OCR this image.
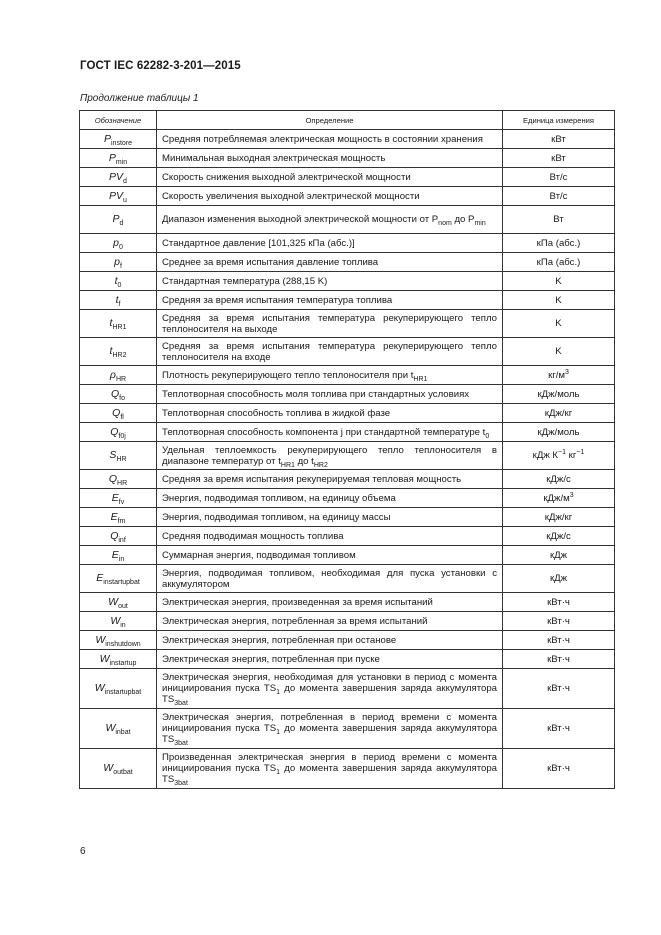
ГОСТ IEC 62282-3-201—2015
Продолжение таблицы 1
Обозначение	Определение	Единица измерения
$P_{instore}$	Средняя потребляемая электрическая мощность в состоянии хранения	кВт
$P_{min}$	Минимальная выходная электрическая мощность	кВт
$PV_d$	Скорость снижения выходной электрической мощности	Вт/с
$PV_u$	Скорость увеличения выходной электрической мощности	Вт/с
$P_d$	Диапазон изменения выходной электрической мощности от $P_{nom}$ до $P_{min}$	Вт
$p_0$	Стандартное давление [101,325 кПа (абс.)]	кПа (абс.)
$p_f$	Среднее за время испытания давление топлива	кПа (абс.)
$t_0$	Стандартная температура (288,15 K)	K
$t_f$	Средняя за время испытания температура топлива	K
$t_{HR1}$	Средняя за время испытания температура рекуперирующего тепло теплоносителя на выходе	K
$t_{HR2}$	Средняя за время испытания температура рекуперирующего тепло теплоносителя на входе	K
$\rho_{HR}$	Плотность рекуперирующего тепло теплоносителя при $t_{HR1}$	$кг/м^3$
$Q_{fo}$	Теплотворная способность моля топлива при стандартных условиях	кДж/моль
$Q_{fl}$	Теплотворная способность топлива в жидкой фазе	кДж/кг
$Q_{f0j}$	Теплотворная способность компонента j при стандартной температуре $t_0$	кДж/моль
$S_{HR}$	Удельная теплоемкость рекуперирующего тепло теплоносителя в диапазоне температур от $t_{HR1}$ до $t_{HR2}$	кДж $К^{-1}$ $кг^{-1}$
$Q_{HR}$	Средняя за время испытания рекуперируемая тепловая мощность	кДж/с
$E_{fv}$	Энергия, подводимая топливом, на единицу объема	кДж/$м^3$
$E_{fm}$	Энергия, подводимая топливом, на единицу массы	кДж/кг
$Q_{inf}$	Средняя подводимая мощность топлива	кДж/с
$E_{in}$	Суммарная энергия, подводимая топливом	кДж
$E_{instartupbat}$	Энергия, подводимая топливом, необходимая для пуска установки с аккумулятором	кДж
$W_{out}$	Электрическая энергия, произведенная за время испытаний	кВт·ч
$W_{in}$	Электрическая энергия, потребленная за время испытаний	кВт·ч
$W_{inshutdown}$	Электрическая энергия, потребленная при останове	кВт·ч
$W_{instartup}$	Электрическая энергия, потребленная при пуске	кВт·ч
$W_{instartupbat}$	Электрическая энергия, необходимая для установки в период с момента инициирования пуска $TS_1$ до момента завершения заряда аккумулятора $TS_{3bat}$	кВт·ч
$W_{inbat}$	Электрическая энергия, потребленная в период времени с момента инициирования пуска $TS_1$ до момента завершения заряда аккумулятора $TS_{3bat}$	кВт·ч
$W_{outbat}$	Произведенная электрическая энергия в период времени с момента инициирования пуска $TS_1$ до момента завершения заряда аккумулятора $TS_{3bat}$	кВт·ч
6
